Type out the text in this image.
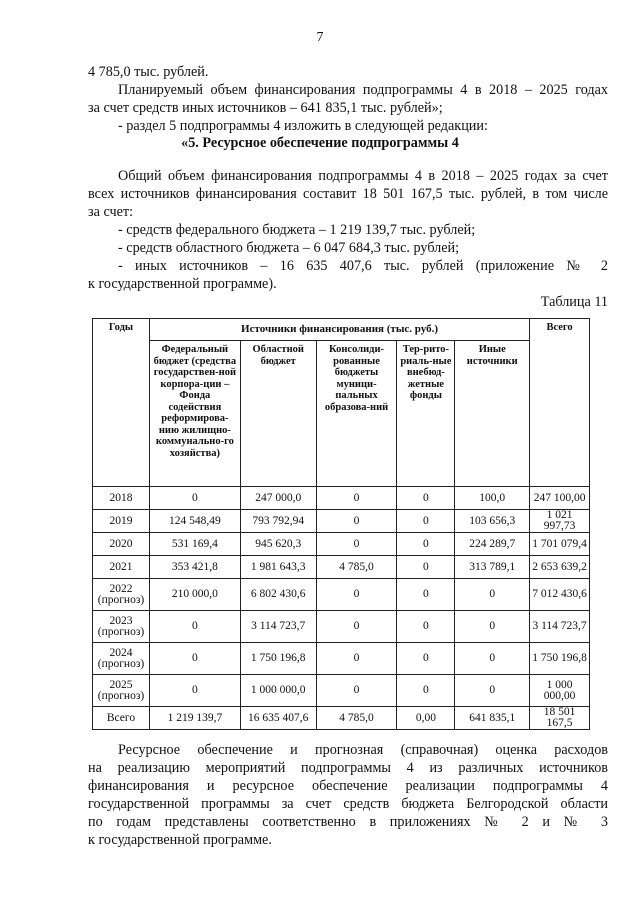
7
4 785,0 тыс. рублей.
Планируемый объем финансирования подпрограммы 4 в 2018 – 2025 годах
за счет средств иных источников – 641 835,1 тыс. рублей»;
- раздел 5 подпрограммы 4 изложить в следующей редакции:
«5. Ресурсное обеспечение подпрограммы 4
Общий объем финансирования подпрограммы 4 в 2018 – 2025 годах за счет
всех источников финансирования составит 18 501 167,5 тыс. рублей, в том числе
за счет:
- средств федерального бюджета – 1 219 139,7 тыс. рублей;
- средств областного бюджета – 6 047 684,3 тыс. рублей;
- иных источников – 16 635 407,6 тыс. рублей (приложение № 2
к государственной программе).
Таблица 11
Годы	Источники финансирования (тыс. руб.)					Всего
	Федеральный бюджет (средства государствен-ной корпора-ции – Фонда содействия реформирова-нию жилищно-коммунально-го хозяйства)	Областной бюджет	Консолиди-рованные бюджеты муници-пальных образова-ний	Тер-рито-риаль-ные внебюд-жетные фонды	Иные источники	
2018	0	247 000,0	0	0	100,0	247 100,00
2019	124 548,49	793 792,94	0	0	103 656,3	1 021 997,73
2020	531 169,4	945 620,3	0	0	224 289,7	1 701 079,4
2021	353 421,8	1 981 643,3	4 785,0	0	313 789,1	2 653 639,2
2022 (прогноз)	210 000,0	6 802 430,6	0	0	0	7 012 430,6
2023 (прогноз)	0	3 114 723,7	0	0	0	3 114 723,7
2024 (прогноз)	0	1 750 196,8	0	0	0	1 750 196,8
2025 (прогноз)	0	1 000 000,0	0	0	0	1 000 000,00
Всего	1 219 139,7	16 635 407,6	4 785,0	0,00	641 835,1	18 501 167,5
Ресурсное обеспечение и прогнозная (справочная) оценка расходов
на реализацию мероприятий подпрограммы 4 из различных источников
финансирования и ресурсное обеспечение реализации подпрограммы 4
государственной программы за счет средств бюджета Белгородской области
по годам представлены соответственно в приложениях № 2 и № 3
к государственной программе.
